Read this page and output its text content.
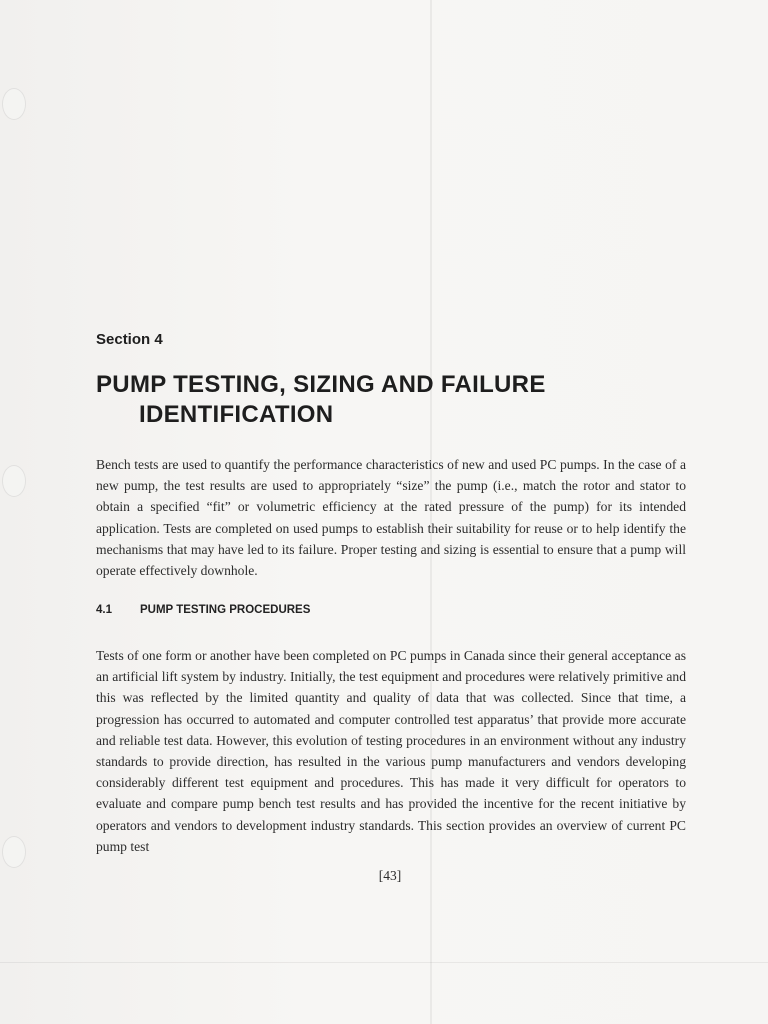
Section 4
PUMP TESTING, SIZING AND FAILURE
IDENTIFICATION

Bench tests are used to quantify the performance characteristics of new and used PC pumps. In the case of a new pump, the test results are used to appropriately “size” the pump (i.e., match the rotor and stator to obtain a specified “fit” or volumetric efficiency at the rated pressure of the pump) for its intended application. Tests are completed on used pumps to establish their suitability for reuse or to help identify the mechanisms that may have led to its failure. Proper testing and sizing is essential to ensure that a pump will operate effectively downhole.

4.1 PUMP TESTING PROCEDURES

Tests of one form or another have been completed on PC pumps in Canada since their general acceptance as an artificial lift system by industry. Initially, the test equipment and procedures were relatively primitive and this was reflected by the limited quantity and quality of data that was collected. Since that time, a progression has occurred to automated and computer controlled test apparatus’ that provide more accurate and reliable test data. However, this evolution of testing procedures in an environment without any industry standards to provide direction, has resulted in the various pump manufacturers and vendors developing considerably different test equipment and procedures. This has made it very difficult for operators to evaluate and compare pump bench test results and has provided the incentive for the recent initiative by operators and vendors to development industry standards. This section provides an overview of current PC pump test

[43]
